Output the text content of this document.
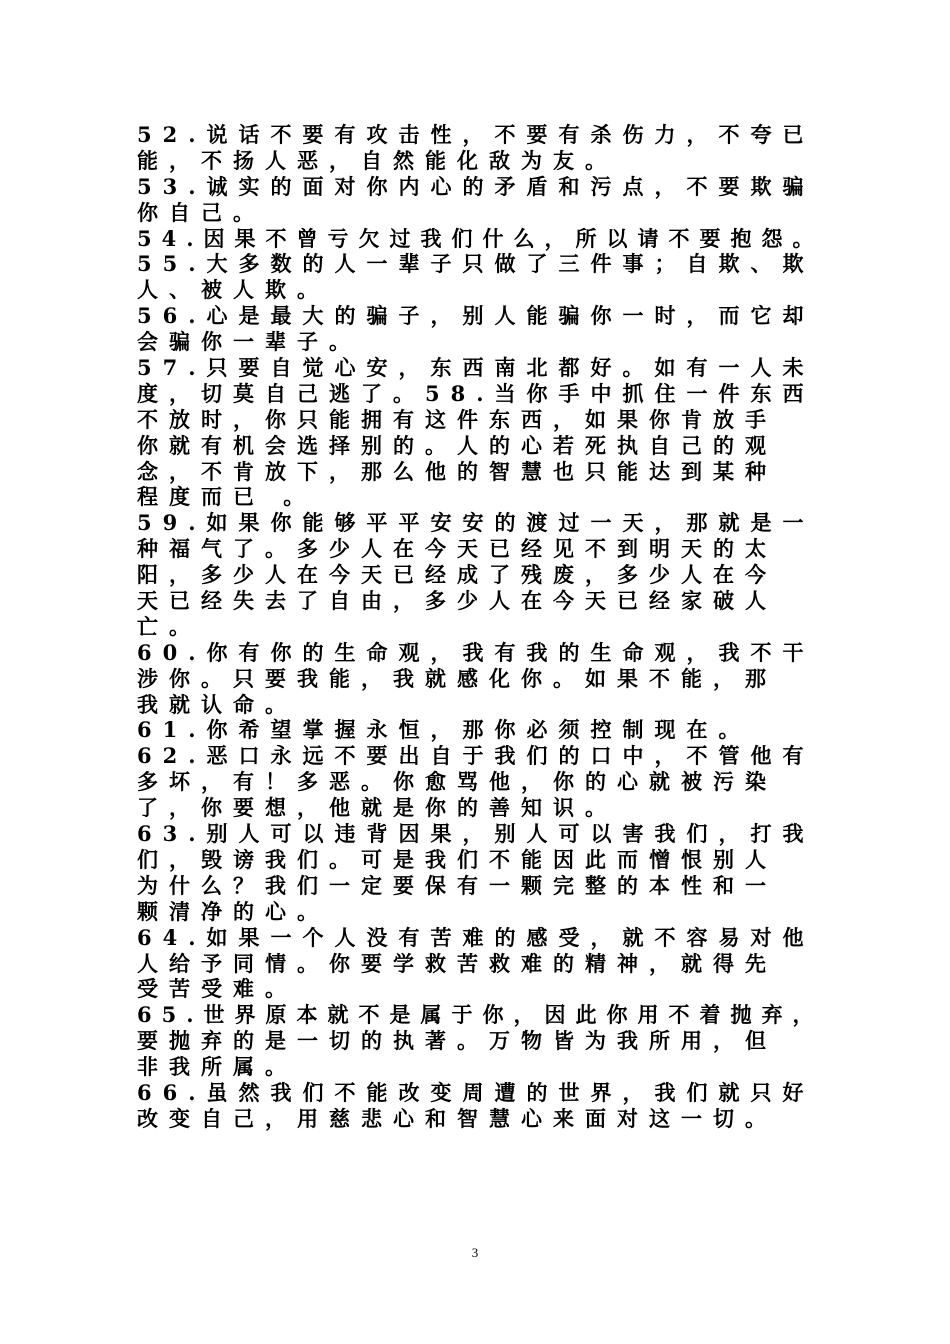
52.说话不要有攻击性，不要有杀伤力，不夸已
能，不扬人恶，自然能化敌为友。
53.诚实的面对你内心的矛盾和污点，不要欺骗
你自己。
54.因果不曾亏欠过我们什么，所以请不要抱怨。
55.大多数的人一辈子只做了三件事；自欺、欺
人、被人欺。
56.心是最大的骗子，别人能骗你一时，而它却
会骗你一辈子。
57.只要自觉心安，东西南北都好。如有一人未
度，切莫自己逃了。58.当你手中抓住一件东西
不放时，你只能拥有这件东西，如果你肯放手
你就有机会选择别的。人的心若死执自己的观
念，不肯放下，那么他的智慧也只能达到某种
程度而已 。
59.如果你能够平平安安的渡过一天，那就是一
种福气了。多少人在今天已经见不到明天的太
阳，多少人在今天已经成了残废，多少人在今
天已经失去了自由，多少人在今天已经家破人
亡。
60.你有你的生命观，我有我的生命观，我不干
涉你。只要我能，我就感化你。如果不能，那
我就认命。
61.你希望掌握永恒，那你必须控制现在。
62.恶口永远不要出自于我们的口中，不管他有
多坏，有！多恶。你愈骂他，你的心就被污染
了，你要想，他就是你的善知识。
63.别人可以违背因果，别人可以害我们，打我
们，毁谤我们。可是我们不能因此而憎恨别人
为什么？我们一定要保有一颗完整的本性和一
颗清净的心。
64.如果一个人没有苦难的感受，就不容易对他
人给予同情。你要学救苦救难的精神，就得先
受苦受难。
65.世界原本就不是属于你，因此你用不着抛弃，
要抛弃的是一切的执著。万物皆为我所用，但
非我所属。
66.虽然我们不能改变周遭的世界，我们就只好
改变自己，用慈悲心和智慧心来面对这一切。
3
